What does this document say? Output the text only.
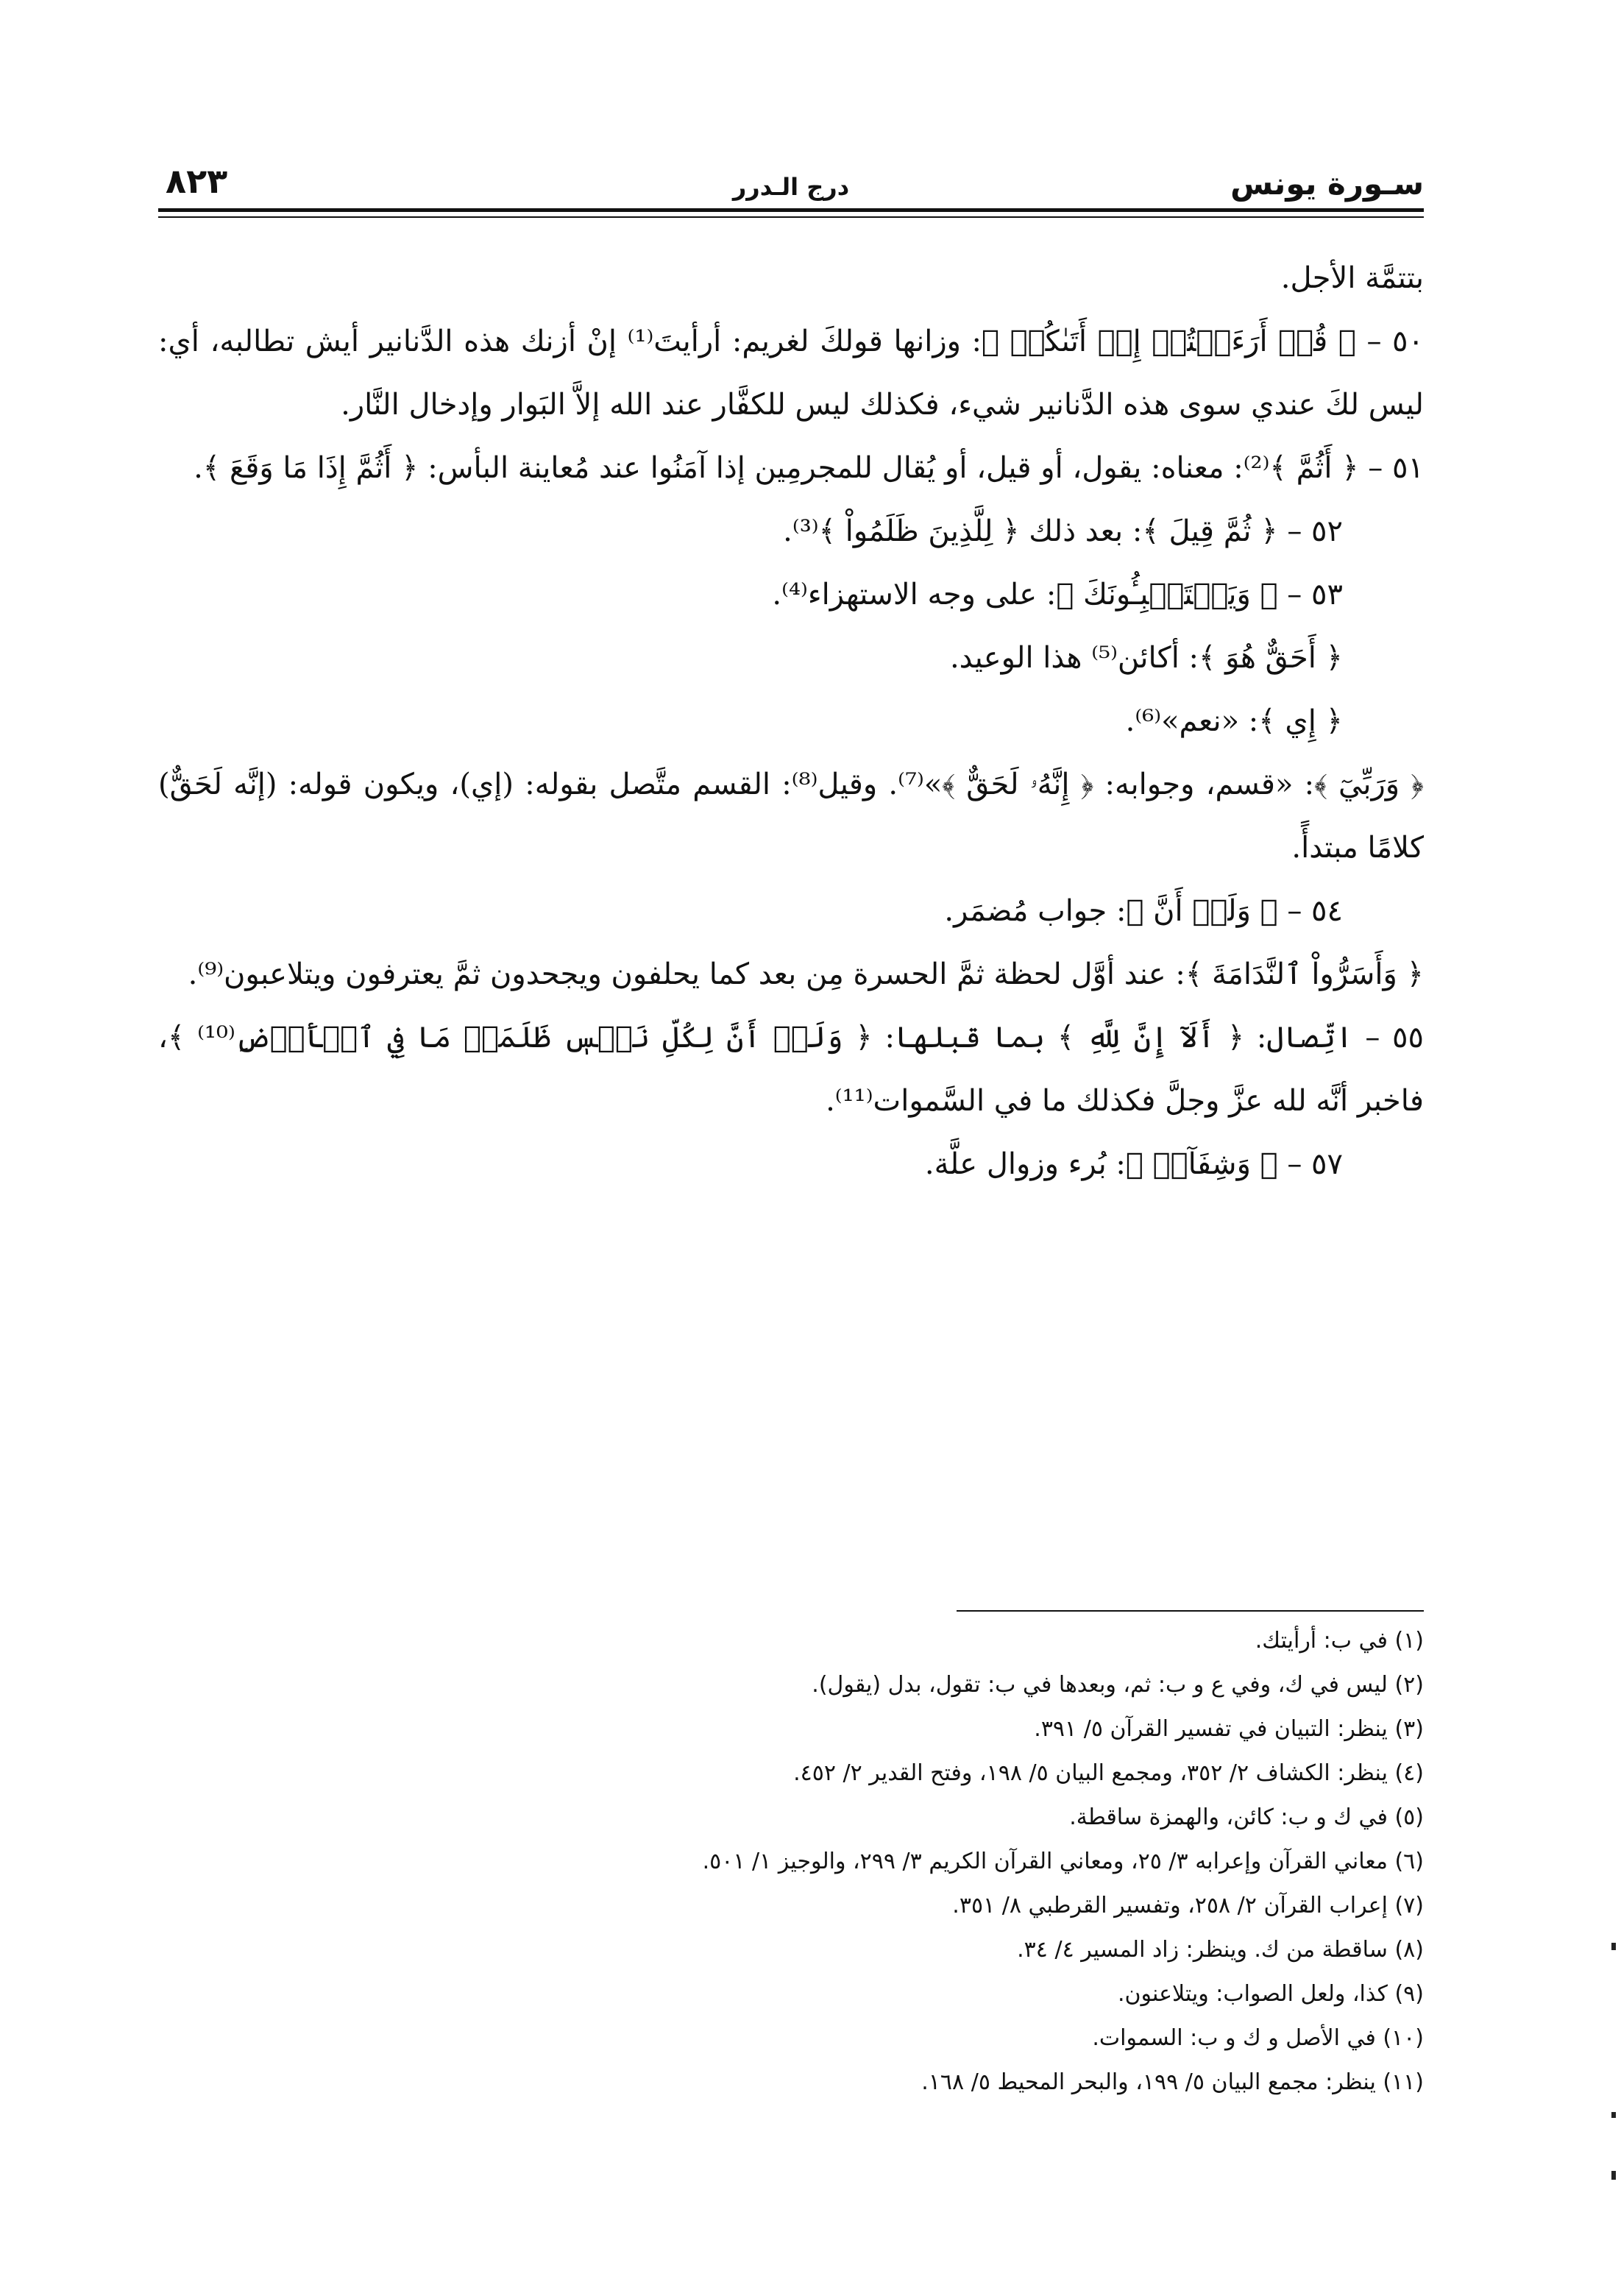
سـورة يونس
درج الـدرر
٨٢٣

بتتمَّة الأجل.

٥٠ – ﴿ قُلۡ أَرَءَيۡتُمۡ إِنۡ أَتَىٰكُمۡ ﴾: وزانها قولكَ لغريم: أرأيتَ⁽¹⁾ إنْ أزنك هذه الدَّنانير أيش تطالبه، أي: ليس لكَ عندي سوى هذه الدَّنانير شيء، فكذلك ليس للكفَّار عند الله إلاَّ البَوار وإدخال النَّار.

٥١ – ﴿ أَثُمَّ ﴾⁽²⁾: معناه: يقول، أو قيل، أو يُقال للمجرمِين إذا آمَنُوا عند مُعاينة البأس: ﴿ أَثُمَّ إِذَا مَا وَقَعَ ﴾.

٥٢ – ﴿ ثُمَّ قِيلَ ﴾: بعد ذلك ﴿ لِلَّذِينَ ظَلَمُواْ ﴾⁽³⁾.

٥٣ – ﴿ وَيَسۡتَنۢبِـُٔونَكَ ﴾: على وجه الاستهزاء⁽⁴⁾.

﴿ أَحَقٌّ هُوَ ﴾: أكائن⁽⁵⁾ هذا الوعيد.

﴿ إِي ﴾: «نعم»⁽⁶⁾.

﴿ وَرَبِّيٓ ﴾: «قسم، وجوابه: ﴿ إِنَّهُۥ لَحَقٌّ ﴾»⁽⁷⁾. وقيل⁽⁸⁾: القسم متَّصل بقوله: (إي)، ويكون قوله: (إنَّه لَحَقٌّ) كلامًا مبتدأً.

٥٤ – ﴿ وَلَوۡ أَنَّ ﴾: جواب مُضمَر.

﴿ وَأَسَرُّواْ ٱلنَّدَامَةَ ﴾: عند أوَّل لحظة ثمَّ الحسرة مِن بعد كما يحلفون ويجحدون ثمَّ يعترفون ويتلاعبون⁽⁹⁾.

٥٥ – اتِّصال: ﴿ أَلَآ إِنَّ لِلَّهِ ﴾ بما قبلها: ﴿ وَلَوۡ أَنَّ لِكُلِّ نَفۡسٖ ظَلَمَتۡ مَا فِي ٱلۡأَرۡضِ⁽¹⁰⁾ ﴾، فاخبر أنَّه لله عزَّ وجلَّ فكذلك ما في السَّموات⁽¹¹⁾.

٥٧ – ﴿ وَشِفَآءٞ ﴾: بُرء وزوال علَّة.

(١) في ب: أرأيتك.
(٢) ليس في ك، وفي ع و ب: ثم، وبعدها في ب: تقول، بدل (يقول).
(٣) ينظر: التبيان في تفسير القرآن ٥/ ٣٩١.
(٤) ينظر: الكشاف ٢/ ٣٥٢، ومجمع البيان ٥/ ١٩٨، وفتح القدير ٢/ ٤٥٢.
(٥) في ك و ب: كائن، والهمزة ساقطة.
(٦) معاني القرآن وإعرابه ٣/ ٢٥، ومعاني القرآن الكريم ٣/ ٢٩٩، والوجيز ١/ ٥٠١.
(٧) إعراب القرآن ٢/ ٢٥٨، وتفسير القرطبي ٨/ ٣٥١.
(٨) ساقطة من ك. وينظر: زاد المسير ٤/ ٣٤.
(٩) كذا، ولعل الصواب: ويتلاعنون.
(١٠) في الأصل و ك و ب: السموات.
(١١) ينظر: مجمع البيان ٥/ ١٩٩، والبحر المحيط ٥/ ١٦٨.
